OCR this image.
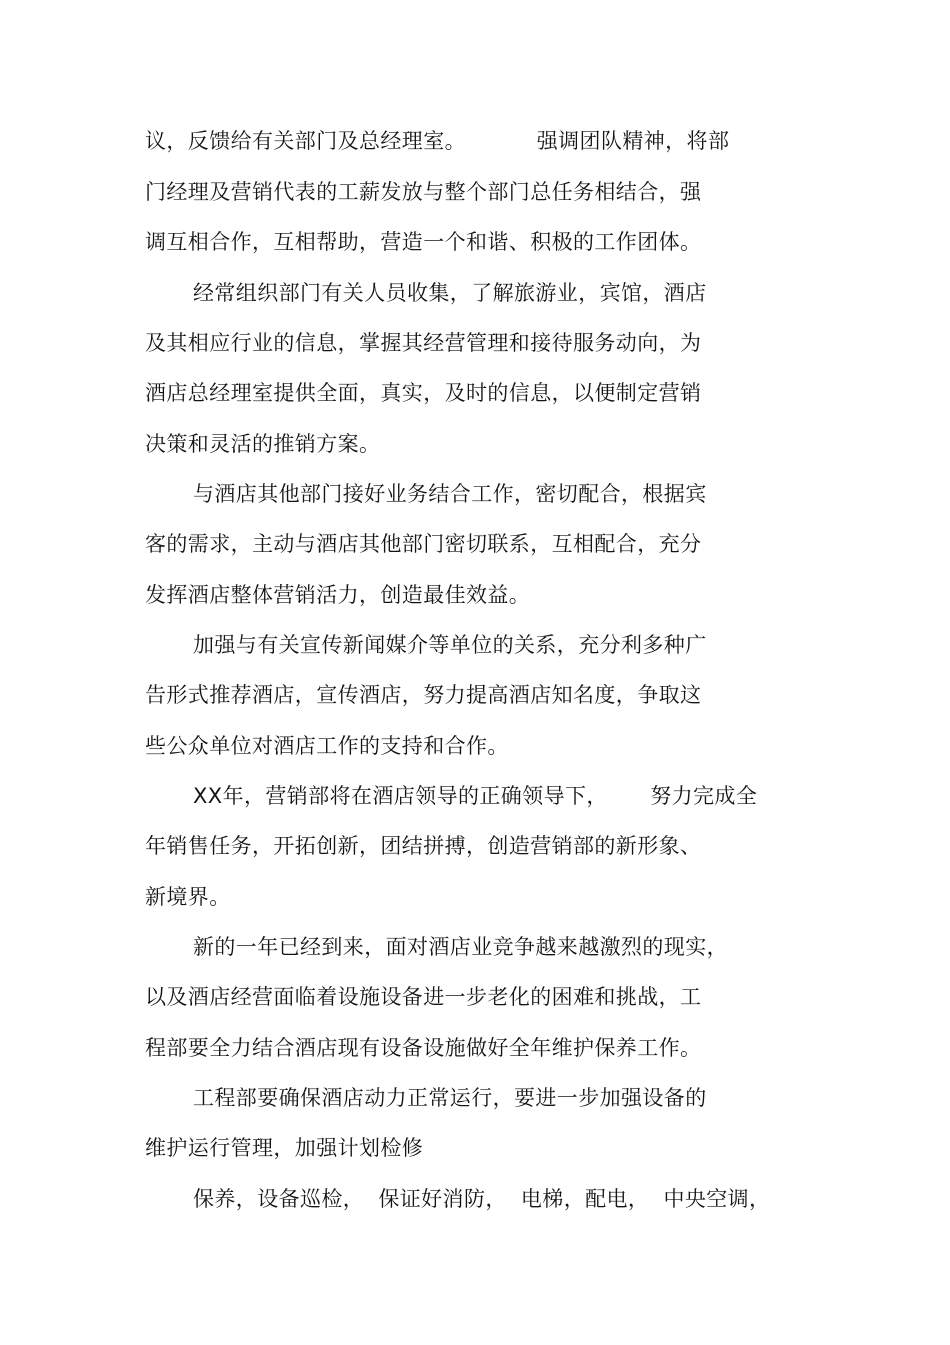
议，反馈给有关部门及总经理室。          强调团队精神，将部
门经理及营销代表的工薪发放与整个部门总任务相结合，强
调互相合作，互相帮助，营造一个和谐、积极的工作团体。
经常组织部门有关人员收集，了解旅游业，宾馆，酒店
及其相应行业的信息，掌握其经营管理和接待服务动向，为
酒店总经理室提供全面，真实，及时的信息，以便制定营销
决策和灵活的推销方案。
与酒店其他部门接好业务结合工作，密切配合，根据宾
客的需求，主动与酒店其他部门密切联系，互相配合，充分
发挥酒店整体营销活力，创造最佳效益。
加强与有关宣传新闻媒介等单位的关系，充分利多种广
告形式推荐酒店，宣传酒店，努力提高酒店知名度，争取这
些公众单位对酒店工作的支持和合作。
XX年，营销部将在酒店领导的正确领导下，      努力完成全
年销售任务，开拓创新，团结拼搏，创造营销部的新形象、
新境界。
新的一年已经到来，面对酒店业竞争越来越激烈的现实，
以及酒店经营面临着设施设备进一步老化的困难和挑战，工
程部要全力结合酒店现有设备设施做好全年维护保养工作。
工程部要确保酒店动力正常运行，要进一步加强设备的
维护运行管理，加强计划检修
保养，设备巡检，  保证好消防，  电梯，配电，  中央空调，
